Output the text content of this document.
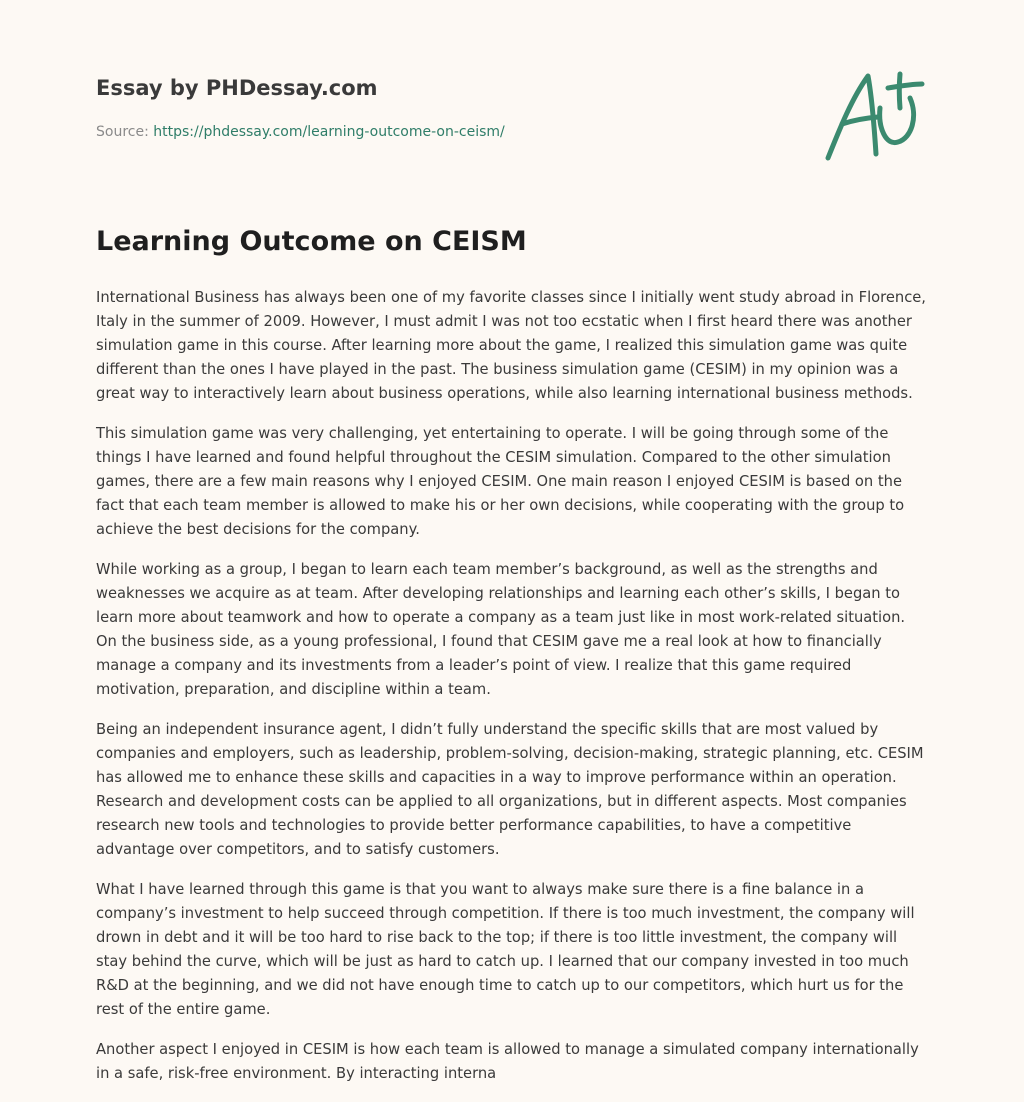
Essay by PHDessay.com

Source: https://phdessay.com/learning-outcome-on-ceism/

Learning Outcome on CEISM

International Business has always been one of my favorite classes since I initially went study abroad in Florence, Italy in the summer of 2009. However, I must admit I was not too ecstatic when I first heard there was another simulation game in this course. After learning more about the game, I realized this simulation game was quite different than the ones I have played in the past. The business simulation game (CESIM) in my opinion was a great way to interactively learn about business operations, while also learning international business methods.

This simulation game was very challenging, yet entertaining to operate. I will be going through some of the things I have learned and found helpful throughout the CESIM simulation. Compared to the other simulation games, there are a few main reasons why I enjoyed CESIM. One main reason I enjoyed CESIM is based on the fact that each team member is allowed to make his or her own decisions, while cooperating with the group to achieve the best decisions for the company.

While working as a group, I began to learn each team member’s background, as well as the strengths and weaknesses we acquire as at team. After developing relationships and learning each other’s skills, I began to learn more about teamwork and how to operate a company as a team just like in most work-related situation. On the business side, as a young professional, I found that CESIM gave me a real look at how to financially manage a company and its investments from a leader’s point of view. I realize that this game required motivation, preparation, and discipline within a team.

Being an independent insurance agent, I didn’t fully understand the specific skills that are most valued by companies and employers, such as leadership, problem-solving, decision-making, strategic planning, etc. CESIM has allowed me to enhance these skills and capacities in a way to improve performance within an operation. Research and development costs can be applied to all organizations, but in different aspects. Most companies research new tools and technologies to provide better performance capabilities, to have a competitive advantage over competitors, and to satisfy customers.

What I have learned through this game is that you want to always make sure there is a fine balance in a company’s investment to help succeed through competition. If there is too much investment, the company will drown in debt and it will be too hard to rise back to the top; if there is too little investment, the company will stay behind the curve, which will be just as hard to catch up. I learned that our company invested in too much R&D at the beginning, and we did not have enough time to catch up to our competitors, which hurt us for the rest of the entire game.

Another aspect I enjoyed in CESIM is how each team is allowed to manage a simulated company internationally in a safe, risk-free environment. By interacting interna
